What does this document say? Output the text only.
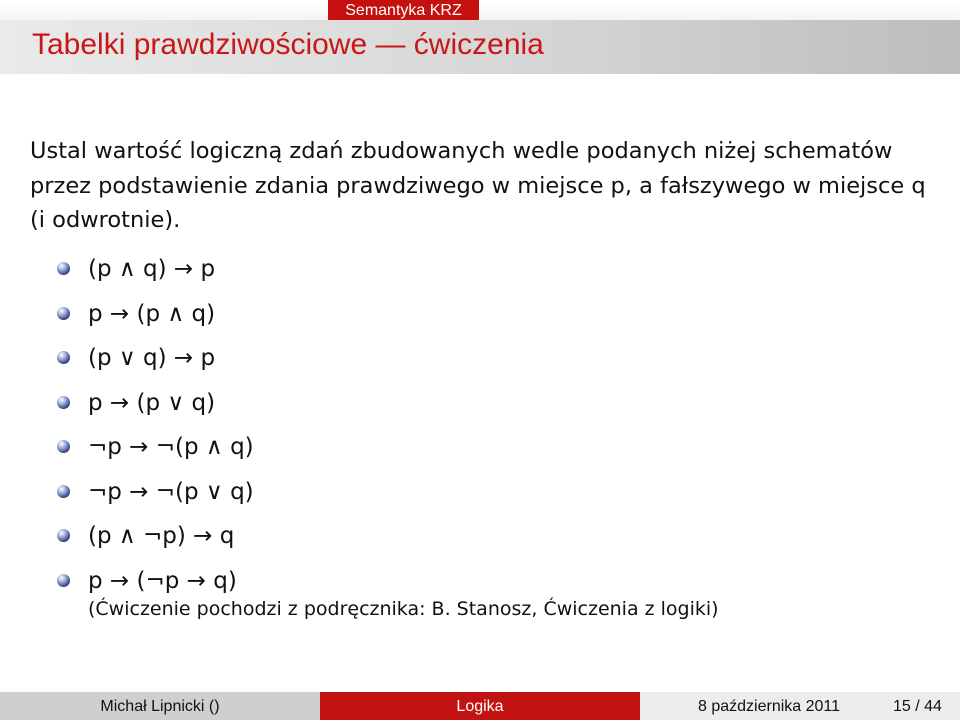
Semantyka KRZ
Tabelki prawdziwościowe — ćwiczenia

Ustal wartość logiczną zdań zbudowanych wedle podanych niżej schematów przez podstawienie zdania prawdziwego w miejsce p, a fałszywego w miejsce q (i odwrotnie).

(p ∧ q) → p
p → (p ∧ q)
(p ∨ q) → p
p → (p ∨ q)
¬p → ¬(p ∧ q)
¬p → ¬(p ∨ q)
(p ∧ ¬p) → q
p → (¬p → q)
(Ćwiczenie pochodzi z podręcznika: B. Stanosz, Ćwiczenia z logiki)
Michał Lipnicki ()	Logika	8 października 2011	15 / 44
